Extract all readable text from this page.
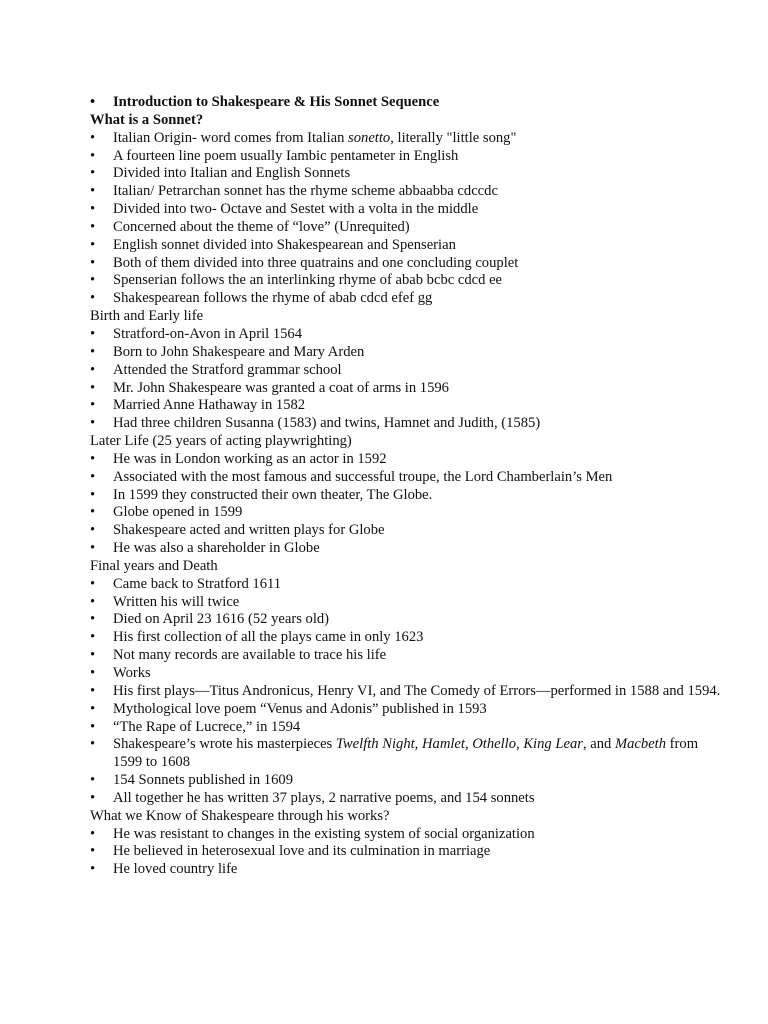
• Introduction to Shakespeare & His Sonnet Sequence
What is a Sonnet?
• Italian Origin- word comes from Italian sonetto, literally "little song"
• A fourteen line poem usually Iambic pentameter in English
• Divided into Italian and English Sonnets
• Italian/ Petrarchan sonnet has the rhyme scheme abbaabba cdccdc
• Divided into two- Octave and Sestet with a volta in the middle
• Concerned about the theme of “love” (Unrequited)
• English sonnet divided into Shakespearean and Spenserian
• Both of them divided into three quatrains and one concluding couplet
• Spenserian follows the an interlinking rhyme of abab bcbc cdcd ee
• Shakespearean follows the rhyme of abab cdcd efef gg
Birth and Early life
• Stratford-on-Avon in April 1564
• Born to John Shakespeare and Mary Arden
• Attended the Stratford grammar school
• Mr. John Shakespeare was granted a coat of arms in 1596
• Married Anne Hathaway in 1582
• Had three children Susanna (1583) and twins, Hamnet and Judith, (1585)
Later Life (25 years of acting playwrighting)
• He was in London working as an actor in 1592
• Associated with the most famous and successful troupe, the Lord Chamberlain’s Men
• In 1599 they constructed their own theater, The Globe.
• Globe opened in 1599
• Shakespeare acted and written plays for Globe
• He was also a shareholder in Globe
Final years and Death
• Came back to Stratford 1611
• Written his will twice
• Died on April 23 1616 (52 years old)
• His first collection of all the plays came in only 1623
• Not many records are available to trace his life
• Works
• His first plays—Titus Andronicus, Henry VI, and The Comedy of Errors—performed in 1588 and 1594.
• Mythological love poem “Venus and Adonis” published in 1593
• “The Rape of Lucrece,” in 1594
• Shakespeare’s wrote his masterpieces Twelfth Night, Hamlet, Othello, King Lear, and Macbeth from 1599 to 1608
• 154 Sonnets published in 1609
• All together he has written 37 plays, 2 narrative poems, and 154 sonnets
What we Know of Shakespeare through his works?
• He was resistant to changes in the existing system of social organization
• He believed in heterosexual love and its culmination in marriage
• He loved country life
